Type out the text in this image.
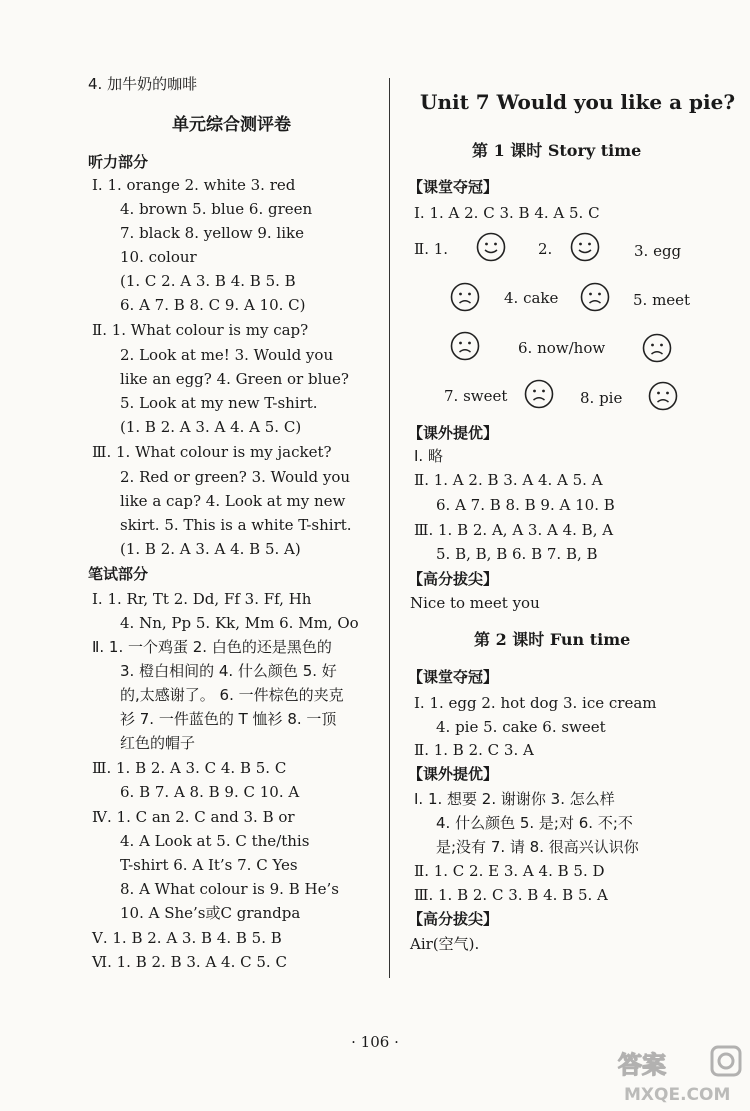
4. 加牛奶的咖啡
单元综合测评卷
听力部分
Ⅰ. 1. orange 2. white 3. red
4. brown 5. blue 6. green
7. black 8. yellow 9. like
10. colour
(1. C 2. A 3. B 4. B 5. B
6. A 7. B 8. C 9. A 10. C)
Ⅱ. 1. What colour is my cap?
2. Look at me! 3. Would you
like an egg? 4. Green or blue?
5. Look at my new T-shirt.
(1. B 2. A 3. A 4. A 5. C)
Ⅲ. 1. What colour is my jacket?
2. Red or green? 3. Would you
like a cap? 4. Look at my new
skirt. 5. This is a white T-shirt.
(1. B 2. A 3. A 4. B 5. A)
笔试部分
Ⅰ. 1. Rr, Tt 2. Dd, Ff 3. Ff, Hh
4. Nn, Pp 5. Kk, Mm 6. Mm, Oo
Ⅱ. 1. 一个鸡蛋 2. 白色的还是黑色的
3. 橙白相间的 4. 什么颜色 5. 好
的,太感谢了。 6. 一件棕色的夹克
衫 7. 一件蓝色的 T 恤衫 8. 一顶
红色的帽子
Ⅲ. 1. B 2. A 3. C 4. B 5. C
6. B 7. A 8. B 9. C 10. A
Ⅳ. 1. C an 2. C and 3. B or
4. A Look at 5. C the/this
T-shirt 6. A It’s 7. C Yes
8. A What colour is 9. B He’s
10. A She’s或C grandpa
Ⅴ. 1. B 2. A 3. B 4. B 5. B
Ⅵ. 1. B 2. B 3. A 4. C 5. C
Unit 7 Would you like a pie?
第 1 课时 Story time
【课堂夺冠】
Ⅰ. 1. A 2. C 3. B 4. A 5. C
Ⅱ. 1.	2.	3. egg
4. cake	5. meet
6. now/how
7. sweet	8. pie
【课外提优】
Ⅰ. 略
Ⅱ. 1. A 2. B 3. A 4. A 5. A
6. A 7. B 8. B 9. A 10. B
Ⅲ. 1. B 2. A, A 3. A 4. B, A
5. B, B, B 6. B 7. B, B
【高分拔尖】
Nice to meet you
第 2 课时 Fun time
【课堂夺冠】
Ⅰ. 1. egg 2. hot dog 3. ice cream
4. pie 5. cake 6. sweet
Ⅱ. 1. B 2. C 3. A
【课外提优】
Ⅰ. 1. 想要 2. 谢谢你 3. 怎么样
4. 什么颜色 5. 是;对 6. 不;不
是;没有 7. 请 8. 很高兴认识你
Ⅱ. 1. C 2. E 3. A 4. B 5. D
Ⅲ. 1. B 2. C 3. B 4. B 5. A
【高分拔尖】
Air(空气).
· 106 ·
答案
MXQE.COM
